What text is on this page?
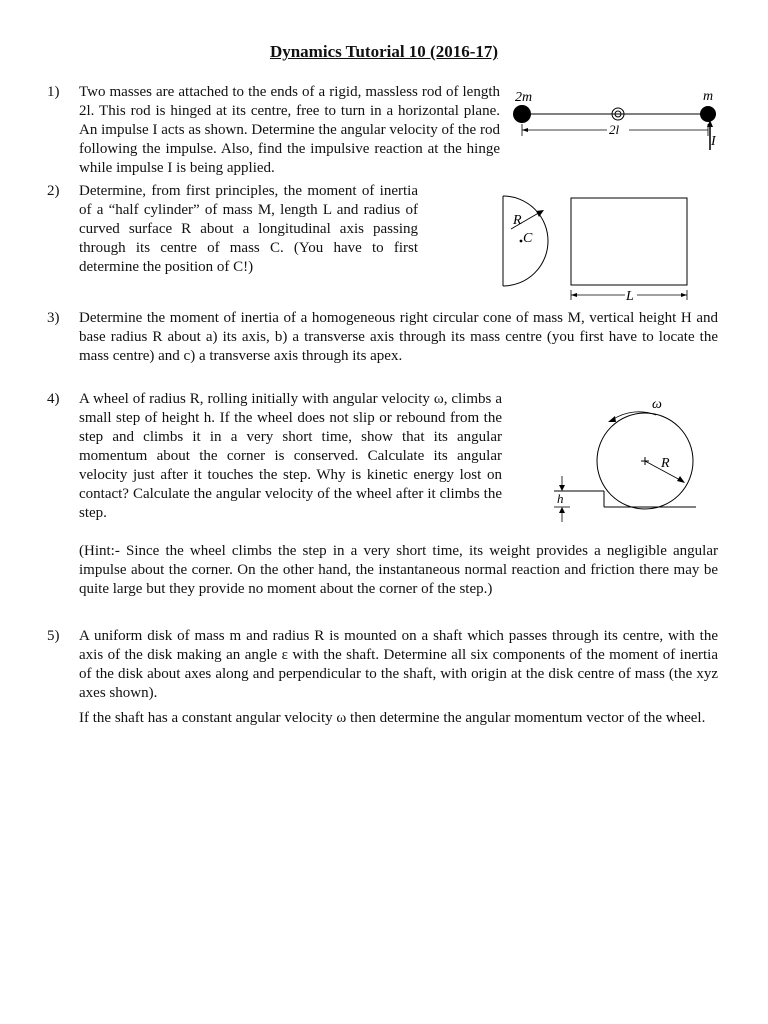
Dynamics Tutorial 10 (2016-17)
1) Two masses are attached to the ends of a rigid, massless rod of length 2l. This rod is hinged at its centre, free to turn in a horizontal plane. An impulse I acts as shown. Determine the angular velocity of the rod following the impulse. Also, find the impulsive reaction at the hinge while impulse I is being applied.
2m	m
2l
I
2) Determine, from first principles, the moment of inertia of a “half cylinder” of mass M, length L and radius of curved surface R about a longitudinal axis passing through its centre of mass C. (You have to first determine the position of C!)
R
C
L
3) Determine the moment of inertia of a homogeneous right circular cone of mass M, vertical height H and base radius R about a) its axis, b) a transverse axis through its mass centre (you first have to locate the mass centre) and c) a transverse axis through its apex.
4) A wheel of radius R, rolling initially with angular velocity ω, climbs a small step of height h. If the wheel does not slip or rebound from the step and climbs it in a very short time, show that its angular momentum about the corner is conserved. Calculate its angular velocity just after it touches the step. Why is kinetic energy lost on contact? Calculate the angular velocity of the wheel after it climbs the step.
(Hint:- Since the wheel climbs the step in a very short time, its weight provides a negligible angular impulse about the corner. On the other hand, the instantaneous normal reaction and friction there may be quite large but they provide no moment about the corner of the step.)
ω
R
h
5) A uniform disk of mass m and radius R is mounted on a shaft which passes through its centre, with the axis of the disk making an angle ε with the shaft. Determine all six components of the moment of inertia of the disk about axes along and perpendicular to the shaft, with origin at the disk centre of mass (the xyz axes shown).
If the shaft has a constant angular velocity ω then determine the angular momentum vector of the wheel.
